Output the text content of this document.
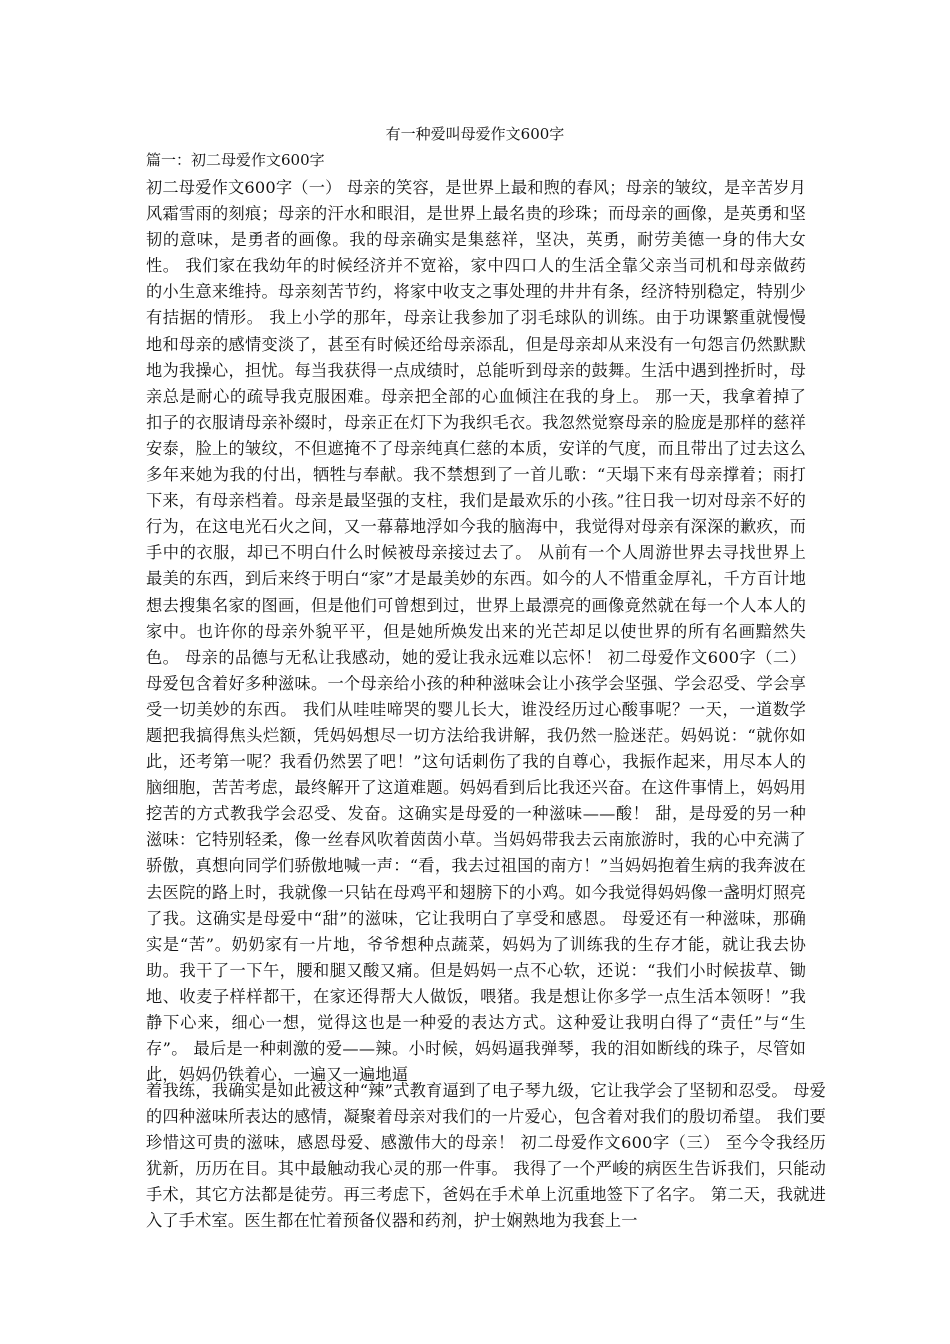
有一种爱叫母爱作文600字
篇一：初二母爱作文600字

初二母爱作文600字（一） 母亲的笑容，是世界上最和煦的春风；母亲的皱纹，是辛苦岁月风霜雪雨的刻痕；母亲的汗水和眼泪，是世界上最名贵的珍珠；而母亲的画像，是英勇和坚韧的意味，是勇者的画像。我的母亲确实是集慈祥，坚决，英勇，耐劳美德一身的伟大女性。 我们家在我幼年的时候经济并不宽裕，家中四口人的生活全靠父亲当司机和母亲做药的小生意来维持。母亲刻苦节约，将家中收支之事处理的井井有条，经济特别稳定，特别少有拮据的情形。 我上小学的那年，母亲让我参加了羽毛球队的训练。由于功课繁重就慢慢地和母亲的感情变淡了，甚至有时候还给母亲添乱，但是母亲却从来没有一句怨言仍然默默地为我操心，担忧。每当我获得一点成绩时，总能听到母亲的鼓舞。生活中遇到挫折时，母亲总是耐心的疏导我克服困难。母亲把全部的心血倾注在我的身上。 那一天，我拿着掉了扣子的衣服请母亲补缀时，母亲正在灯下为我织毛衣。我忽然觉察母亲的脸庞是那样的慈祥安泰，脸上的皱纹，不但遮掩不了母亲纯真仁慈的本质，安详的气度，而且带出了过去这么多年来她为我的付出，牺牲与奉献。我不禁想到了一首儿歌：“天塌下来有母亲撑着；雨打下来，有母亲档着。母亲是最坚强的支柱，我们是最欢乐的小孩。”往日我一切对母亲不好的行为，在这电光石火之间，又一幕幕地浮如今我的脑海中，我觉得对母亲有深深的歉疚，而手中的衣服，却已不明白什么时候被母亲接过去了。 从前有一个人周游世界去寻找世界上最美的东西，到后来终于明白“家”才是最美妙的东西。如今的人不惜重金厚礼，千方百计地想去搜集名家的图画，但是他们可曾想到过，世界上最漂亮的画像竟然就在每一个人本人的家中。也许你的母亲外貌平平，但是她所焕发出来的光芒却足以使世界的所有名画黯然失色。 母亲的品德与无私让我感动，她的爱让我永远难以忘怀！ 初二母爱作文600字（二） 母爱包含着好多种滋味。一个母亲给小孩的种种滋味会让小孩学会坚强、学会忍受、学会享受一切美妙的东西。 我们从哇哇啼哭的婴儿长大，谁没经历过心酸事呢？一天，一道数学题把我搞得焦头烂额，凭妈妈想尽一切方法给我讲解，我仍然一脸迷茫。妈妈说：“就你如此，还考第一呢？我看仍然罢了吧！”这句话刺伤了我的自尊心，我振作起来，用尽本人的脑细胞，苦苦考虑，最终解开了这道难题。妈妈看到后比我还兴奋。在这件事情上，妈妈用挖苦的方式教我学会忍受、发奋。这确实是母爱的一种滋味——酸！ 甜，是母爱的另一种滋味：它特别轻柔，像一丝春风吹着茵茵小草。当妈妈带我去云南旅游时，我的心中充满了骄傲，真想向同学们骄傲地喊一声：“看，我去过祖国的南方！”当妈妈抱着生病的我奔波在去医院的路上时，我就像一只钻在母鸡平和翅膀下的小鸡。如今我觉得妈妈像一盏明灯照亮了我。这确实是母爱中“甜”的滋味，它让我明白了享受和感恩。 母爱还有一种滋味，那确实是“苦”。奶奶家有一片地，爷爷想种点蔬菜，妈妈为了训练我的生存才能，就让我去协助。我干了一下午，腰和腿又酸又痛。但是妈妈一点不心软，还说：“我们小时候拔草、锄地、收麦子样样都干，在家还得帮大人做饭，喂猪。我是想让你多学一点生活本领呀！”我静下心来，细心一想，觉得这也是一种爱的表达方式。这种爱让我明白得了“责任”与“生存”。 最后是一种刺激的爱——辣。小时候，妈妈逼我弹琴，我的泪如断线的珠子，尽管如此，妈妈仍铁着心，一遍又一遍地逼

着我练，我确实是如此被这种“辣”式教育逼到了电子琴九级，它让我学会了坚韧和忍受。 母爱的四种滋味所表达的感情，凝聚着母亲对我们的一片爱心，包含着对我们的殷切希望。 我们要珍惜这可贵的滋味，感恩母爱、感激伟大的母亲！ 初二母爱作文600字（三） 至今令我经历犹新，历历在目。其中最触动我心灵的那一件事。 我得了一个严峻的病医生告诉我们，只能动手术，其它方法都是徒劳。再三考虑下，爸妈在手术单上沉重地签下了名字。 第二天，我就进入了手术室。医生都在忙着预备仪器和药剂，护士娴熟地为我套上一
